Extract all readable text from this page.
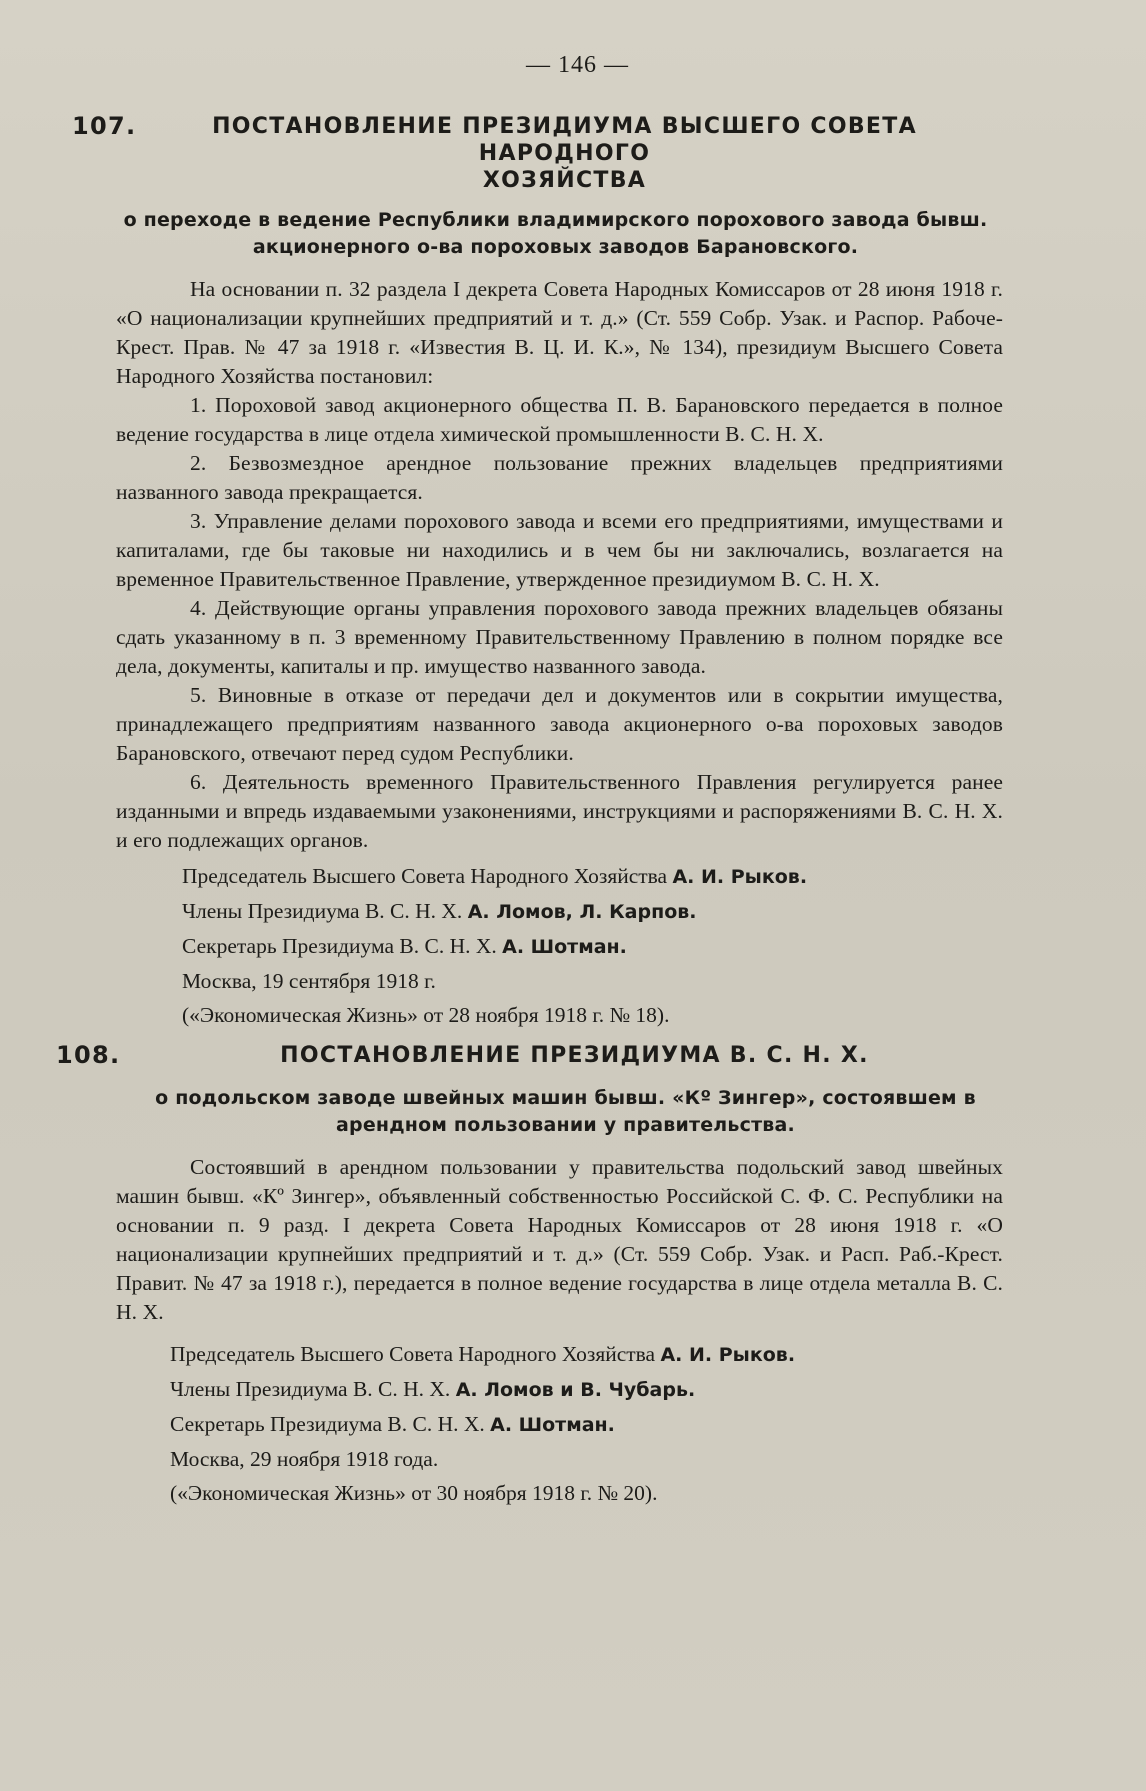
— 146 —
107.	ПОСТАНОВЛЕНИЕ ПРЕЗИДИУМА ВЫСШЕГО СОВЕТА НАРОДНОГО
ХОЗЯЙСТВА
о переходе в ведение Республики владимирского порохового завода бывш. акционерного о-ва пороховых заводов Барановского.

На основании п. 32 раздела I декрета Совета Народных Комиссаров от 28 июня 1918 г. «О национализации крупнейших предприятий и т. д.» (Ст. 559 Собр. Узак. и Распор. Рабоче-Крест. Прав. № 47 за 1918 г. «Известия В. Ц. И. К.», № 134), президиум Высшего Совета Народного Хозяйства постановил:

1. Пороховой завод акционерного общества П. В. Барановского передается в полное ведение государства в лице отдела химической промышленности В. С. Н. Х.

2. Безвозмездное арендное пользование прежних владельцев предприятиями названного завода прекращается.

3. Управление делами порохового завода и всеми его предприятиями, имуществами и капиталами, где бы таковые ни находились и в чем бы ни заключались, возлагается на временное Правительственное Правление, утвержденное президиумом В. С. Н. Х.

4. Действующие органы управления порохового завода прежних владельцев обязаны сдать указанному в п. 3 временному Правительственному Правлению в полном порядке все дела, документы, капиталы и пр. имущество названного завода.

5. Виновные в отказе от передачи дел и документов или в сокрытии имущества, принадлежащего предприятиям названного завода акционерного о-ва пороховых заводов Барановского, отвечают перед судом Республики.

6. Деятельность временного Правительственного Правления регулируется ранее изданными и впредь издаваемыми узаконениями, инструкциями и распоряжениями В. С. Н. Х. и его подлежащих органов.

Председатель Высшего Совета Народного Хозяйства А. И. Рыков.

Члены Президиума В. С. Н. Х. А. Ломов, Л. Карпов.

Секретарь Президиума В. С. Н. Х. А. Шотман.

Москва, 19 сентября 1918 г.

(«Экономическая Жизнь» от 28 ноября 1918 г. № 18).

108.	ПОСТАНОВЛЕНИЕ ПРЕЗИДИУМА В. С. Н. Х.
о подольском заводе швейных машин бывш. «Кº Зингер», состоявшем в арендном пользовании у правительства.

Состоявший в арендном пользовании у правительства подольский завод швейных машин бывш. «Кº Зингер», объявленный собственностью Российской С. Ф. С. Республики на основании п. 9 разд. I декрета Совета Народных Комиссаров от 28 июня 1918 г. «О национализации крупнейших предприятий и т. д.» (Ст. 559 Собр. Узак. и Расп. Раб.-Крест. Правит. № 47 за 1918 г.), передается в полное ведение государства в лице отдела металла В. С. Н. Х.

Председатель Высшего Совета Народного Хозяйства А. И. Рыков.

Члены Президиума В. С. Н. Х. А. Ломов и В. Чубарь.

Секретарь Президиума В. С. Н. Х. А. Шотман.

Москва, 29 ноября 1918 года.

(«Экономическая Жизнь» от 30 ноября 1918 г. № 20).
